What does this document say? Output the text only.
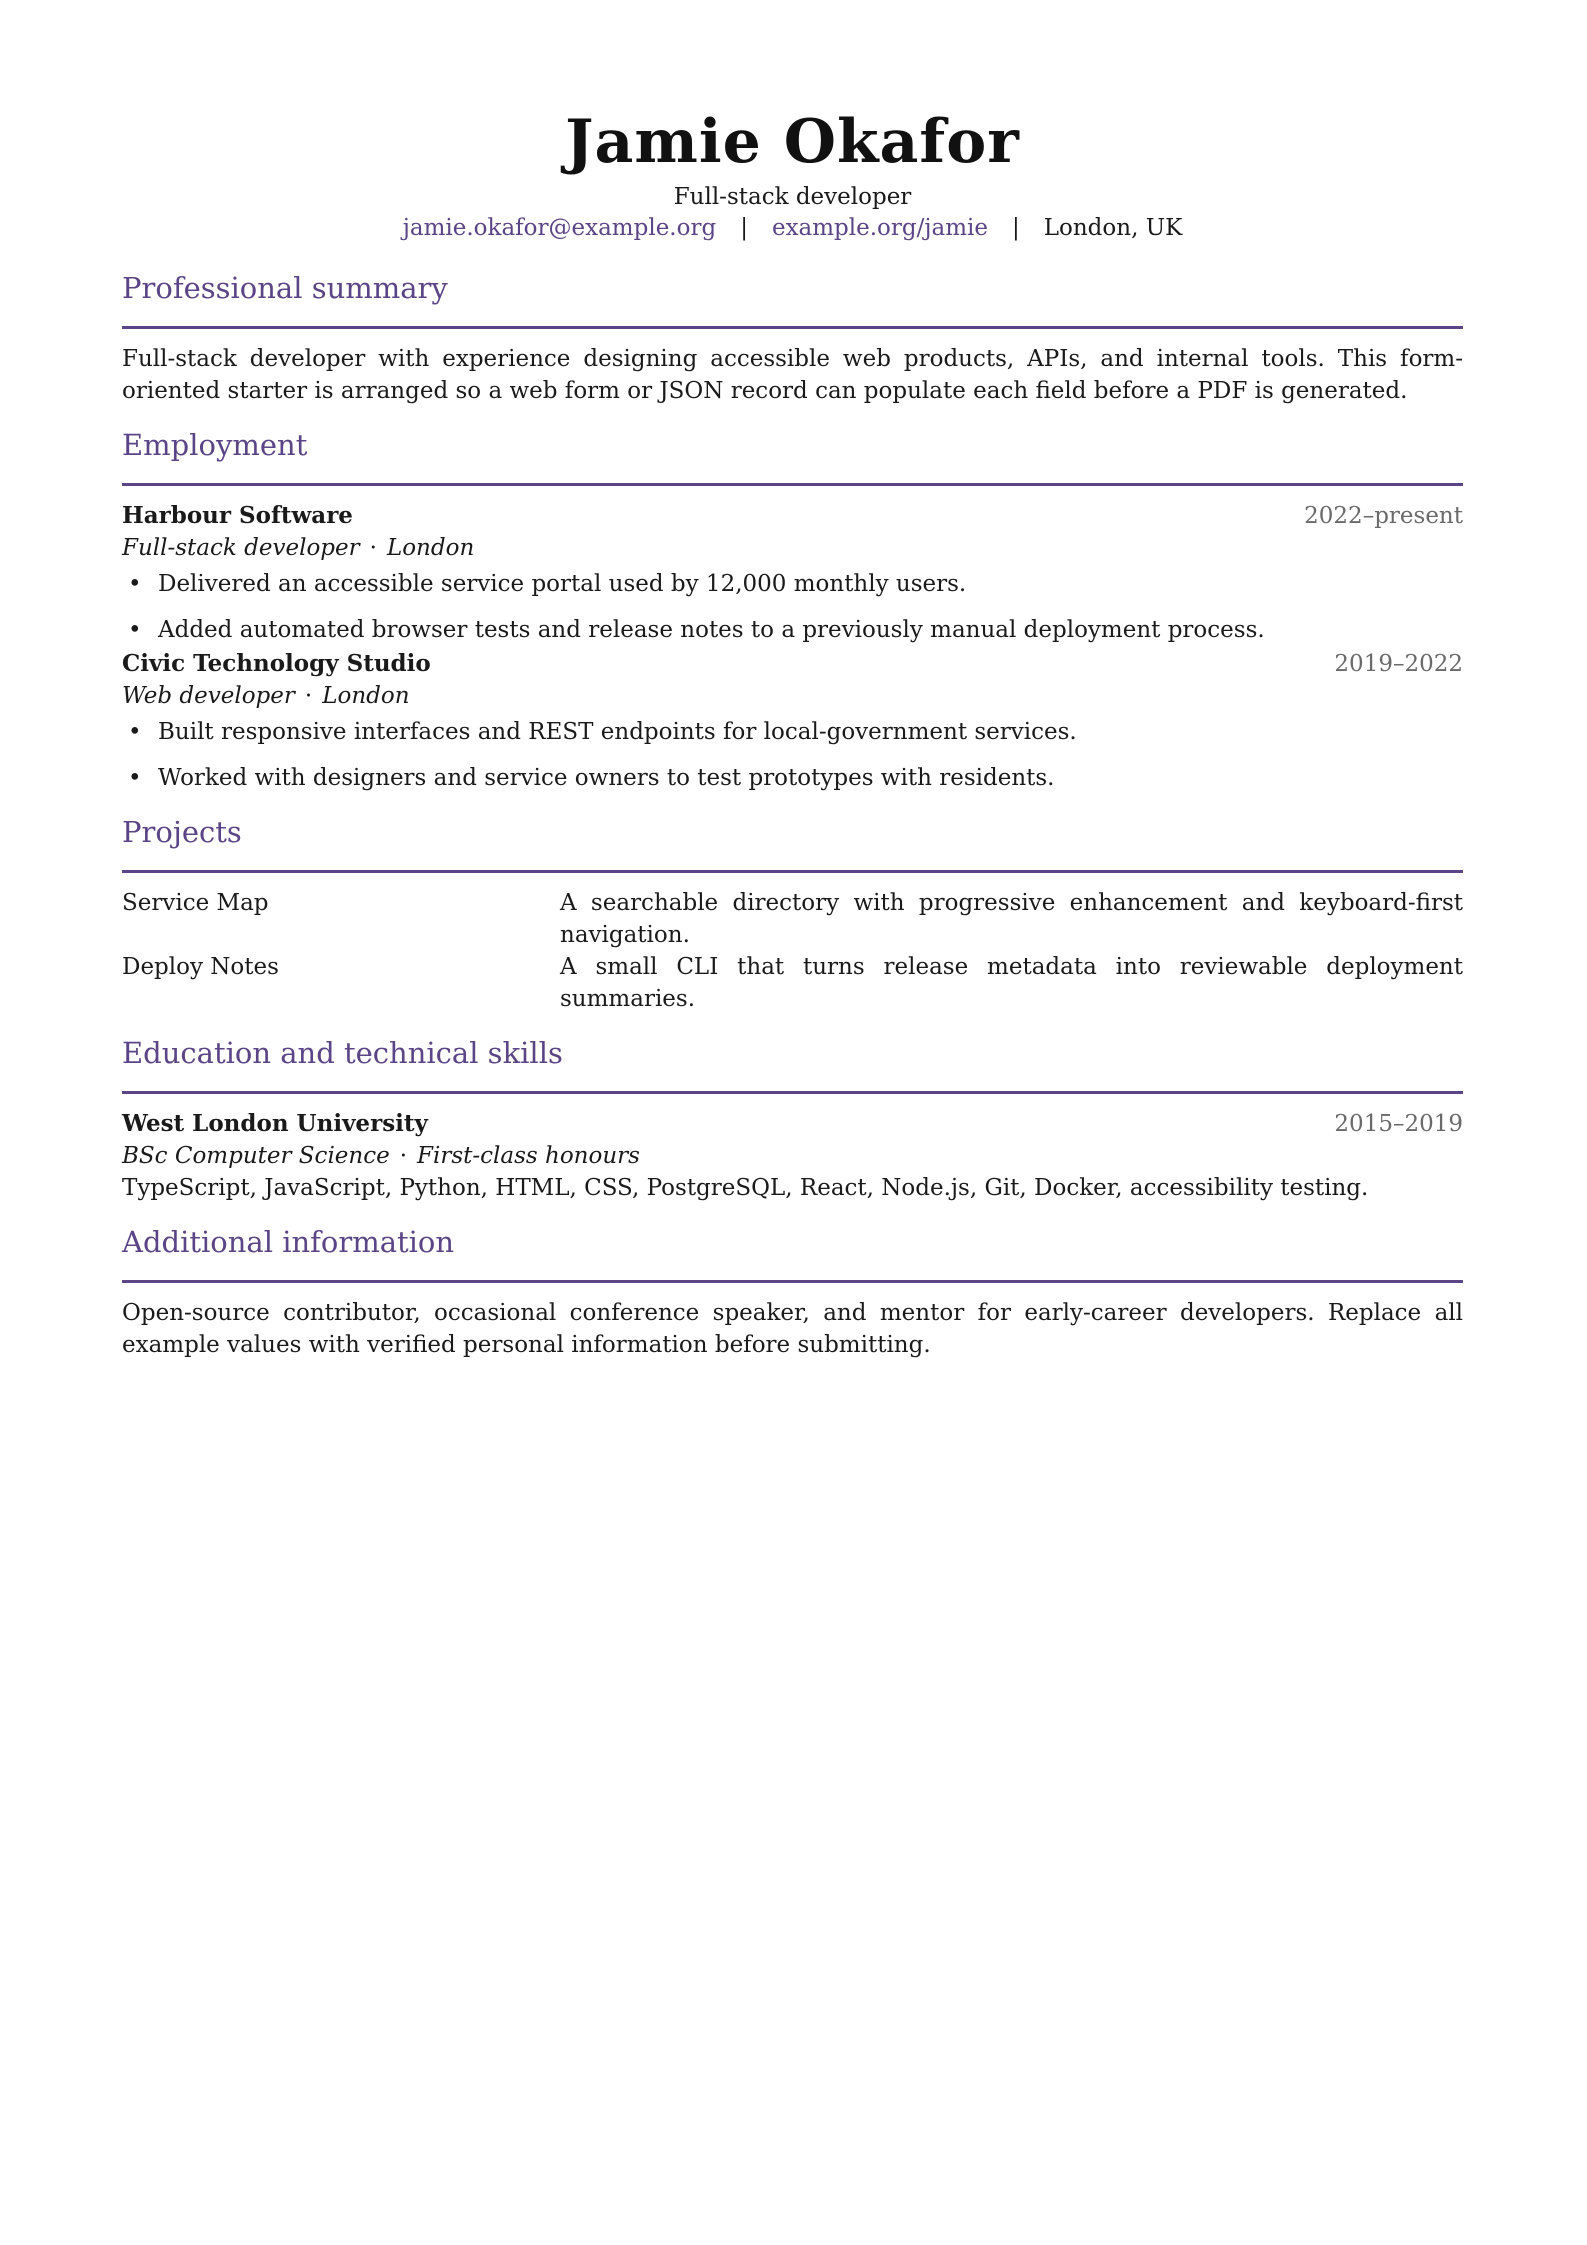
Jamie Okafor
Full-stack developer
jamie.okafor@example.org | example.org/jamie | London, UK
Professional summary

Full-stack developer with experience designing accessible web products, APIs, and internal tools. This form-oriented starter is arranged so a web form or JSON record can populate each field before a PDF is generated.

Employment
Harbour Software	2022–present
Full-stack developer · London
• Delivered an accessible service portal used by 12,000 monthly users.
• Added automated browser tests and release notes to a previously manual deployment process.
Civic Technology Studio	2019–2022
Web developer · London
• Built responsive interfaces and REST endpoints for local-government services.
• Worked with designers and service owners to test prototypes with residents.
Projects
Service Map	A searchable directory with progressive enhancement and keyboard-first navigation.
Deploy Notes	A small CLI that turns release metadata into reviewable deployment summaries.
Education and technical skills
West London University	2015–2019
BSc Computer Science · First-class honours

TypeScript, JavaScript, Python, HTML, CSS, PostgreSQL, React, Node.js, Git, Docker, accessibility testing.

Additional information

Open-source contributor, occasional conference speaker, and mentor for early-career developers. Replace all example values with verified personal information before submitting.
